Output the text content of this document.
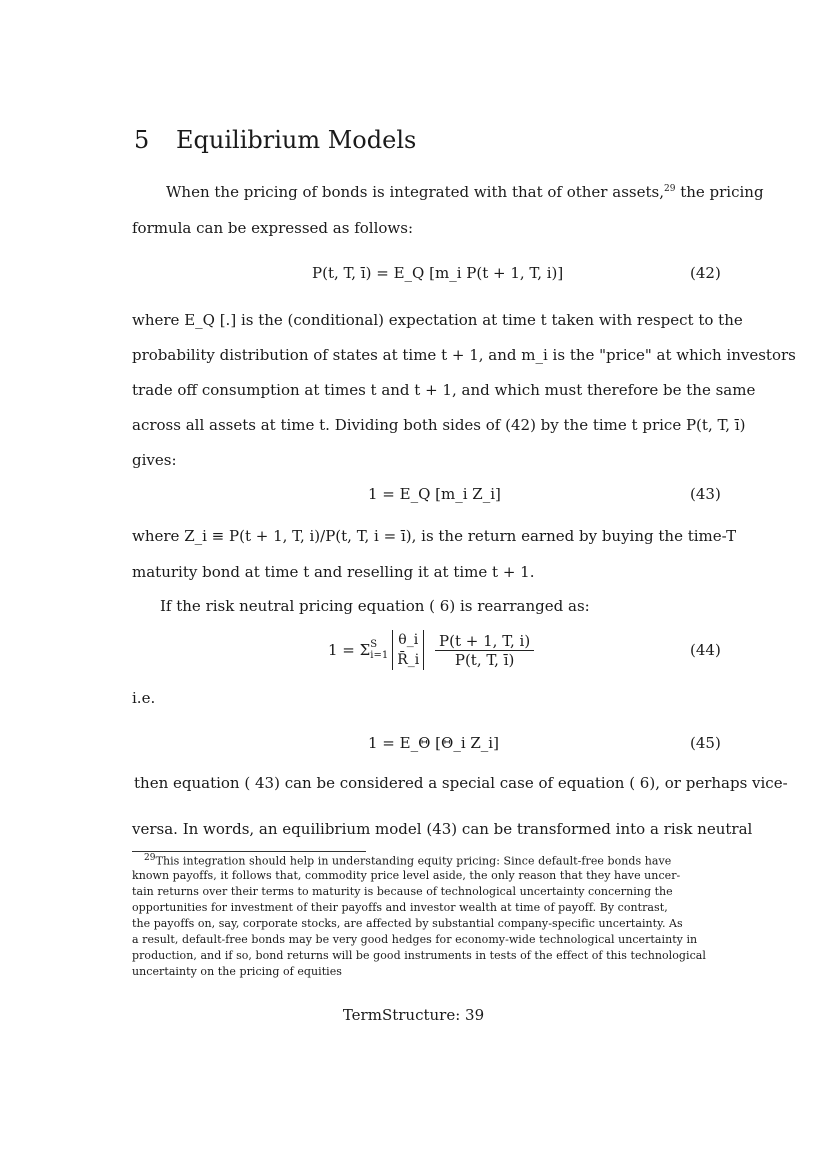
5 Equilibrium Models
When the pricing of bonds is integrated with that of other assets,$^{29}$ the pricing
formula can be expressed as follows:
P(t, T, ī) = E_Q [m_i P(t + 1, T, i)]	(42)
where E_Q [.] is the (conditional) expectation at time t taken with respect to the
probability distribution of states at time t + 1, and m_i is the "price" at which investors
trade off consumption at times t and t + 1, and which must therefore be the same
across all assets at time t. Dividing both sides of (42) by the time t price P(t, T, ī)
gives:
1 = E_Q [m_i Z_i]	(43)
where Z_i ≡ P(t + 1, T, i)/P(t, T, i = ī), is the return earned by buying the time-T
maturity bond at time t and reselling it at time t + 1.
If the risk neutral pricing equation ( 6) is rearranged as:
1 = Σ S
i=1
θ_i
R̄_i
$\frac{P(t + 1, T, i)}{P(t, T, ī)}$	(44)
i.e.
1 = E_Θ [Θ_i Z_i]	(45)
then equation ( 43) can be considered a special case of equation ( 6), or perhaps vice-
versa. In words, an equilibrium model (43) can be transformed into a risk neutral
$^{29}$This integration should help in understanding equity pricing: Since default-free bonds have
known payoffs, it follows that, commodity price level aside, the only reason that they have uncer-
tain returns over their terms to maturity is because of technological uncertainty concerning the
opportunities for investment of their payoffs and investor wealth at time of payoff. By contrast,
the payoffs on, say, corporate stocks, are affected by substantial company-specific uncertainty. As
a result, default-free bonds may be very good hedges for economy-wide technological uncertainty in
production, and if so, bond returns will be good instruments in tests of the effect of this technological
uncertainty on the pricing of equities
TermStructure: 39
